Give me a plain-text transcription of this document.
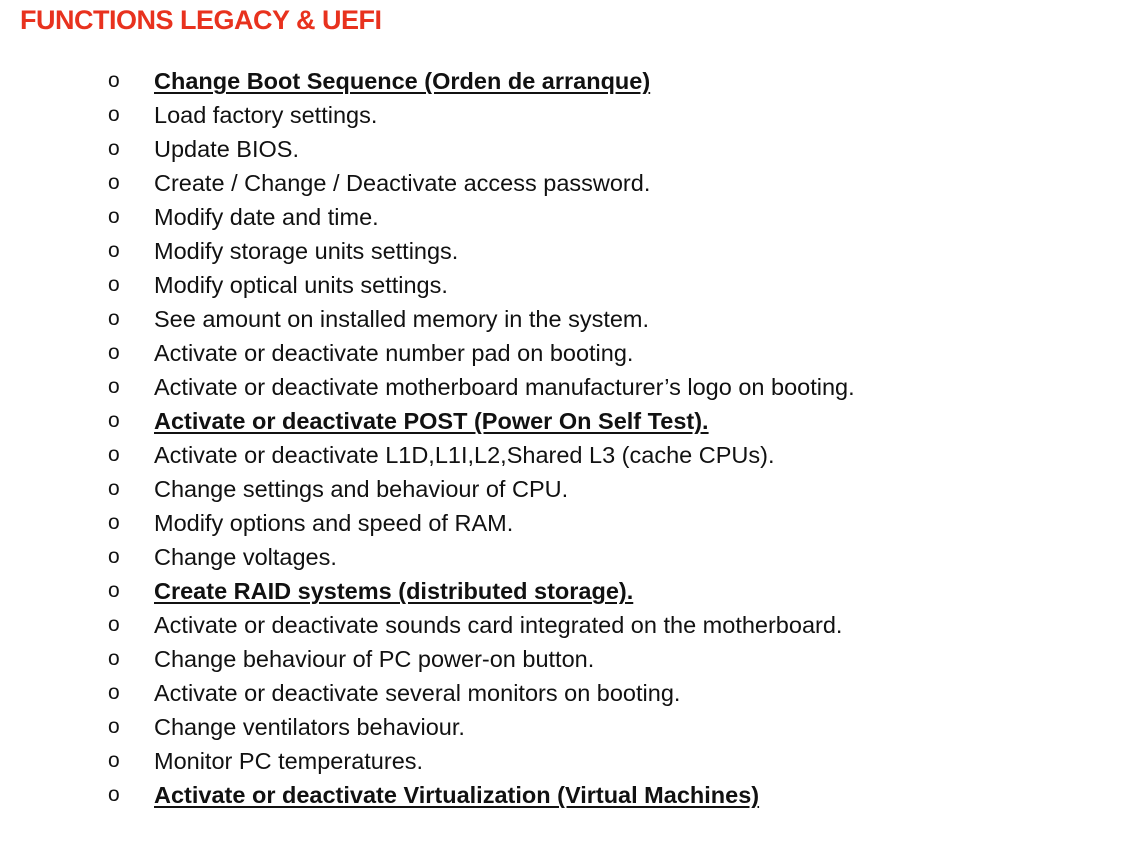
FUNCTIONS LEGACY & UEFI
o	Change Boot Sequence (Orden de arranque)
o	Load factory settings.
o	Update BIOS.
o	Create / Change / Deactivate access password.
o	Modify date and time.
o	Modify storage units settings.
o	Modify optical units settings.
o	See amount on installed memory in the system.
o	Activate or deactivate number pad on booting.
o	Activate or deactivate motherboard manufacturer’s logo on booting.
o	Activate or deactivate POST (Power On Self Test).
o	Activate or deactivate L1D,L1I,L2,Shared L3 (cache CPUs).
o	Change settings and behaviour of CPU.
o	Modify options and speed of RAM.
o	Change voltages.
o	Create RAID systems (distributed storage).
o	Activate or deactivate sounds card integrated on the motherboard.
o	Change behaviour of PC power-on button.
o	Activate or deactivate several monitors on booting.
o	Change ventilators behaviour.
o	Monitor PC temperatures.
o	Activate or deactivate Virtualization (Virtual Machines)
